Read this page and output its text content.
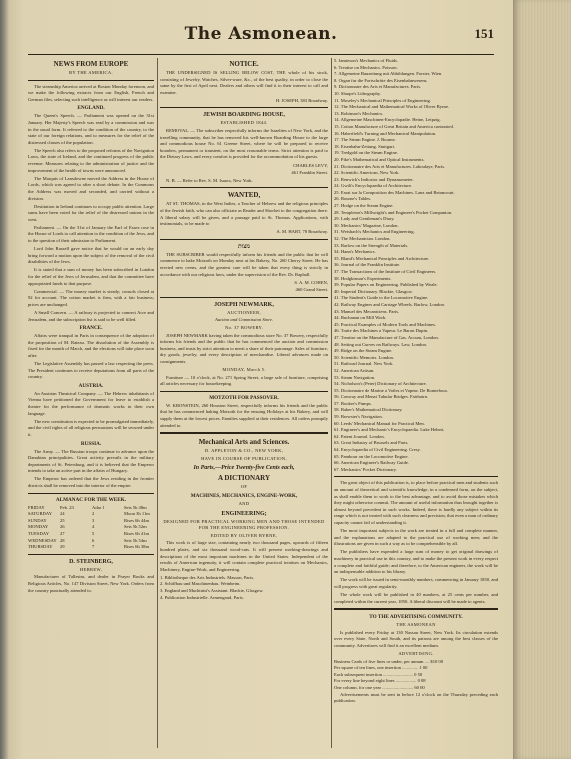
The Asmonean.	151
NEWS FROM EUROPE
BY THE AMERICA.
The steamship America arrived at Boston Monday forenoon, and we make the following extracts from our English, French and German files, selecting such intelligence as will interest our readers.
ENGLAND.
The Queen's Speech. — Parliament was opened on the 31st January. Her Majesty's Speech was read by a commission and was in the usual form. It referred to the condition of the country, to the state of our foreign relations, and to measures for the relief of the distressed classes of the population.
The Speech also refers to the proposed reforms of the Navigation Laws, the state of Ireland, and the continued progress of the public revenue. Measures relating to the administration of justice and the improvement of the health of towns were announced.
The Marquis of Lansdowne moved the Address in the House of Lords, which was agreed to after a short debate. In the Commons the Address was moved and seconded, and carried without a division.
Destitution in Ireland continues to occupy public attention. Large sums have been voted for the relief of the distressed unions in the west.
Parliament. — On the 31st of January the Earl of Essex rose in the House of Lords to call attention to the condition of the Jews, and to the question of their admission to Parliament.
Lord John Russell gave notice that he would on an early day bring forward a motion upon the subject of the removal of the civil disabilities of the Jews.
It is stated that a sum of money has been subscribed in London for the relief of the Jews of Jerusalem, and that the committee have appropriated funds to that purpose.
Commercial. — The money market is steady; consols closed at 92 for account. The cotton market is firm, with a fair business; prices are unchanged.
A Small Concern. — A railway is projected to connect Acre and Jerusalem, and the subscription list is said to be well filled.
FRANCE.
Affairs were tranquil in Paris in consequence of the adoption of the proposition of M. Rateau. The dissolution of the Assembly is fixed for the month of March, and the elections will take place soon after.
The Legislative Assembly has passed a law respecting the press. The President continues to receive deputations from all parts of the country.
AUSTRIA.
An Austrian Theatrical Company. — The Hebrew inhabitants of Vienna have petitioned the Government for leave to establish a theatre for the performance of dramatic works in their own language.
The new constitution is expected to be promulgated immediately, and the civil rights of all religious persuasions will be secured under it.
RUSSIA.
The Army. — The Russian troops continue to advance upon the Danubian principalities. Great activity prevails in the military departments of St. Petersburg, and it is believed that the Emperor intends to take an active part in the affairs of Hungary.
The Emperor has ordered that the Jews residing in the frontier districts shall be removed into the interior of the empire.
ALMANAC FOR THE WEEK.
FRIDAY	Feb. 23	Adar 1	Sets 5h 48m
SATURDAY	24	2	Moon 3h 11m
SUNDAY	25	3	Rises 6h 44m
MONDAY	26	4	Sets 5h 52m
TUESDAY	27	5	Rises 6h 41m
WEDNESDAY 28	6	Sets 5h 54m
THURSDAY	29	7	Rises 6h 38m
D. STEINBERG,
HEBREW,
Manufacturer of Tallesim, and dealer in Prayer Books and Religious Articles, No. 147 Division Street, New York. Orders from the country punctually attended to.
NOTICE.
THE UNDERSIGNED IS SELLING BELOW COST, THE whole of his stock, consisting of Jewelry, Watches, Silver-ware, &c., of the best quality, in order to close the same by the first of April next. Dealers and others will find it to their interest to call and examine.
H. JOSEPH, 383 Broadway.
JEWISH BOARDING HOUSE,
ESTABLISHED 1844.
REMOVAL. — The subscriber respectfully informs the Israelites of New York, and the travelling community, that he has removed his well-known Boarding House to the large and commodious house No. 61 Greene Street, where he will be prepared to receive boarders, permanent or transient, on the most reasonable terms. Strict attention is paid to the Dietary Laws, and every comfort is provided for the accommodation of his guests.
CHARLES LEVY,
461 Franklin Street.
N. B. — Refer to Rev. S. M. Isaacs, New York.
WANTED,
AT ST. THOMAS, in the West Indies, a Teacher of Hebrew and the religious principles of the Jewish faith, who can also officiate as Reader and Shochet to the congregation there. A liberal salary will be given, and a passage paid to St. Thomas. Applications, with testimonials, to be made to
A. M. HART, 78 Broadway.
מצות
THE SUBSCRIBER would respectfully inform his friends and the public that he will commence to bake Motzoth on Monday next at his Bakery, No. 260 Cherry Street. He has erected new ovens, and the greatest care will be taken that every thing is strictly in accordance with our religious laws, under the supervision of the Rev. Dr. Raphall.
S. A. M. COHEN,
460 Grand Street.
JOSEPH NEWMARK,
AUCTIONEER,
Auction and Commission Store.
No. 37 BOWERY.
JOSEPH NEWMARK having taken the commodious store No. 37 Bowery, respectfully informs his friends and the public that he has commenced the auction and commission business, and trusts by strict attention to merit a share of their patronage. Sales of furniture, dry goods, jewelry, and every description of merchandise. Liberal advances made on consignments.
MONDAY, March 5.
Furniture — 10 o'clock, at No. 271 Spring Street, a large sale of furniture, comprising all articles necessary for housekeeping.
MOTZOTH FOR PASSOVER.
W. KRONSTEIN, 260 Houston Street, respectfully informs his friends and the public that he has commenced baking Motzoth for the ensuing Holidays at his Bakery, and will supply them at the lowest prices. Families supplied at their residences. All orders promptly attended to.
Mechanical Arts and Sciences.
D. APPLETON & CO., NEW YORK,
HAVE IN COURSE OF PUBLICATION,
In Parts,—Price Twenty-five Cents each,
A DICTIONARY
OF
MACHINES, MECHANICS, ENGINE-WORK,
AND
ENGINEERING;
DESIGNED FOR PRACTICAL WORKING MEN AND THOSE INTENDED FOR THE ENGINEERING PROFESSION.
EDITED BY OLIVER BYRNE,
This work is of large size, containing nearly two thousand pages, upwards of fifteen hundred plates, and six thousand wood-cuts. It will present working-drawings and descriptions of the most important machines in the United States. Independent of the results of American ingenuity, it will contain complete practical treatises on Mechanics, Machinery, Engine-Work, and Engineering.
1. Bibliotheque des Arts Industriels. Masson, Paris.
2. Schiffbau und Maschinenbau. Weinheim.
3. England and Machinist's Assistant. Blackie, Glasgow.
4. Publication Industrielle. Armengaud, Paris.
5. Jamieson's Mechanics of Fluids.
6. Treatise on Mechanics. Poisson.
7. Allgemeine Bauzeitung mit Abbildungen. Forster, Wien.
8. Organ fur die Fortschritte des Eisenbahnwesens.
9. Dictionnaire des Arts et Manufactures. Paris.
10. Sharpe's Lithography.
11. Moseley's Mechanical Principles of Engineering.
12. The Mechanical and Mathematical Works of Oliver Byrne.
13. Robinson's Mechanics.
14. Allgemeine Maschinen-Encyclopadie. Heine, Leipzig.
15. Cotton Manufacture of Great Britain and America contrasted.
16. Haberfield's Turning and Mechanical Manipulation.
17. The Steam Engine. J. Bourne.
18. Eisenbahn-Zeitung. Stuttgart.
19. Tredgold on the Steam Engine.
20. Pike's Mathematical and Optical Instruments.
21. Dictionnaire des Arts et Manufactures. Laboulaye, Paris.
22. Scientific American, New York.
23. Renwick's Indicator and Dynamometer.
24. Gwilt's Encyclopaedia of Architecture.
25. Essai sur la Composition des Machines. Lanz and Betancourt.
26. Bourne's Tables.
27. Hodge on the Steam Engine.
28. Templeton's Millwright's and Engineer's Pocket Companion.
29. Lady and Gentleman's Diary.
30. Mechanics' Magazine, London.
31. Weisbach's Mechanics and Engineering.
32. The Mechanician. London.
33. Barlow on the Strength of Materials.
34. Hann's Mechanics.
35. Bland's Mechanical Principles and Architecture.
36. Journal of the Franklin Institute.
37. The Transactions of the Institute of Civil Engineers.
38. Hodgkinson's Experiments.
39. Popular Papers on Engineering. Published by Weale.
40. Imperial Dictionary. Blackie, Glasgow.
41. The Student's Guide to the Locomotive Engine.
42. Railway Engines and Carriage Wheels. Barlow, London.
43. Manuel des Mecaniciens. Paris.
44. Buchanan on Mill Work.
45. Practical Examples of Modern Tools and Machines.
46. Traite des Machines a Vapeur. Le Baron Dupin.
47. Treatise on the Manufacture of Gas. Accum, London.
48. Setting out Curves on Railways. Law, London.
49. Ridge on the Steam Engine.
50. Scientific Memoirs. London.
51. Railroad Journal. New York.
52. American Artisan.
53. Steam Navigation.
54. Nicholson's (Peter) Dictionary of Architecture.
55. Dictionnaire de Marine a Voiles et Vapeur. De Bonnefoux.
56. Conway and Menai Tubular Bridges. Fairbairn.
57. Booker's Pumps.
58. Baker's Mathematical Dictionary.
59. Brewster's Navigation.
60. Leeds' Mechanical Manual for Practical Men.
61. Engineer's and Mechanic's Encyclopaedia. Luke Hebert.
62. Patent Journal. London.
63. Great Industry of Brussels and Paris.
64. Encyclopaedia of Civil Engineering. Cresy.
65. Pambour on the Locomotive Engine.
66. American Engineer's Railway Guide.
67. Mechanics' Pocket Dictionary.
The great object of this publication is, to place before practical men and students such an amount of theoretical and scientific knowledge, in a condensed form, on the subject, as shall enable them to work to the best advantage, and to avoid those mistakes which they might otherwise commit. The amount of useful information thus brought together is almost beyond precedent in such works. Indeed, there is hardly any subject within its range which is not treated with such clearness and precision, that even a man of ordinary capacity cannot fail of understanding it.
The most important subjects in the work are treated in a full and complete manner, and the explanations are adapted to the practical use of working men; and the illustrations are given in such a way as to be comprehensible by all.
The publishers have expended a large sum of money to get original drawings of machinery in practical use in this country, and to make the present work in every respect a complete and faithful guide; and therefore, to the American engineer, the work will be an indispensable addition to his library.
The work will be issued in semi-monthly numbers, commencing in January 1850, and will progress with great regularity.
The whole work will be published in 40 numbers, at 25 cents per number, and completed within the current year, 1850. A liberal discount will be made to agents.
TO THE ADVERTISING COMMUNITY.
THE ASMONEAN
Is published every Friday at 130 Nassau Street, New York. Its circulation extends over every State, North and South, and its patrons are among the best classes of the community. Advertisers will find it an excellent medium.
ADVERTISING.
Business Cards of five lines or under, per annum .... $10 00
Per square of ten lines, one insertion .............. 1 00
Each subsequent insertion .......................... 0 50
For every line beyond eight lines .................. 0 08
One column, for one year ........................... 60 00
Advertisements must be sent in before 12 o'clock on the Thursday preceding each publication.
